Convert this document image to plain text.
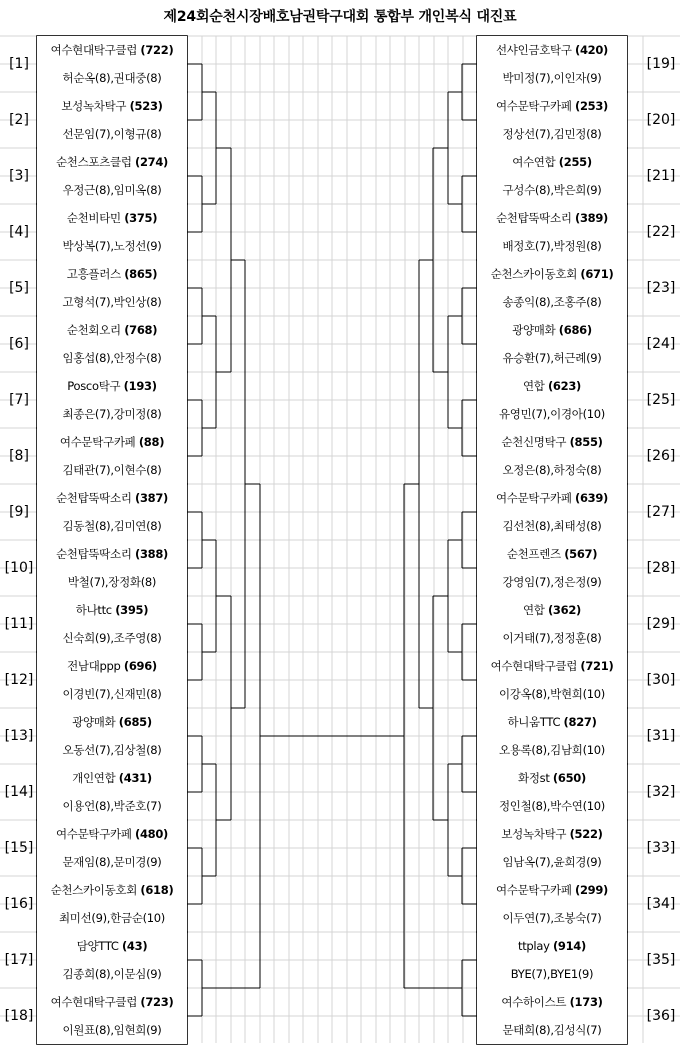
제24회순천시장배호남권탁구대회 통합부 개인복식 대진표
여수현대탁구클럽 (722)
허순옥(8),권대중(8)
[1]
보성녹차탁구 (523)
선문임(7),이형규(8)
[2]
순천스포츠클럽 (274)
우정근(8),임미옥(8)
[3]
순천비타민 (375)
박상복(7),노정선(9)
[4]
고흥플러스 (865)
고형석(7),박인상(8)
[5]
순천회오리 (768)
임홍섭(8),안정수(8)
[6]
Posco탁구 (193)
최종은(7),강미정(8)
[7]
여수문탁구카페 (88)
김태관(7),이현수(8)
[8]
순천탑뚝딱소리 (387)
김동철(8),김미연(8)
[9]
순천탑뚝딱소리 (388)
박철(7),장정화(8)
[10]
하나ttc (395)
신숙희(9),조주영(8)
[11]
전남대ppp (696)
이경빈(7),신재민(8)
[12]
광양매화 (685)
오동선(7),김상철(8)
[13]
개인연합 (431)
이용언(8),박준호(7)
[14]
여수문탁구카페 (480)
문재임(8),문미경(9)
[15]
순천스카이동호회 (618)
최미선(9),한금순(10)
[16]
담양TTC (43)
김종희(8),이문심(9)
[17]
여수현대탁구클럽 (723)
이원표(8),임현희(9)
[18]
선샤인금호탁구 (420)
박미정(7),이인자(9)
[19]
여수문탁구카페 (253)
정상선(7),김민정(8)
[20]
여수연합 (255)
구성수(8),박은희(9)
[21]
순천탑뚝딱소리 (389)
배정호(7),박정원(8)
[22]
순천스카이동호회 (671)
송종익(8),조홍주(8)
[23]
광양매화 (686)
유승환(7),허근례(9)
[24]
연합 (623)
유영민(7),이경아(10)
[25]
순천신명탁구 (855)
오정은(8),하정숙(8)
[26]
여수문탁구카페 (639)
김선천(8),최태성(8)
[27]
순천프렌즈 (567)
강영임(7),정은정(9)
[28]
연합 (362)
이거태(7),정정훈(8)
[29]
여수현대탁구클럽 (721)
이강옥(8),박현희(10)
[30]
하니움TTC (827)
오용록(8),김남희(10)
[31]
화정st (650)
정인철(8),박수연(10)
[32]
보성녹차탁구 (522)
임남옥(7),윤희경(9)
[33]
여수문탁구카페 (299)
이두연(7),조봉숙(7)
[34]
ttplay (914)
BYE(7),BYE1(9)
[35]
여수하이스트 (173)
문태희(8),김성식(7)
[36]
